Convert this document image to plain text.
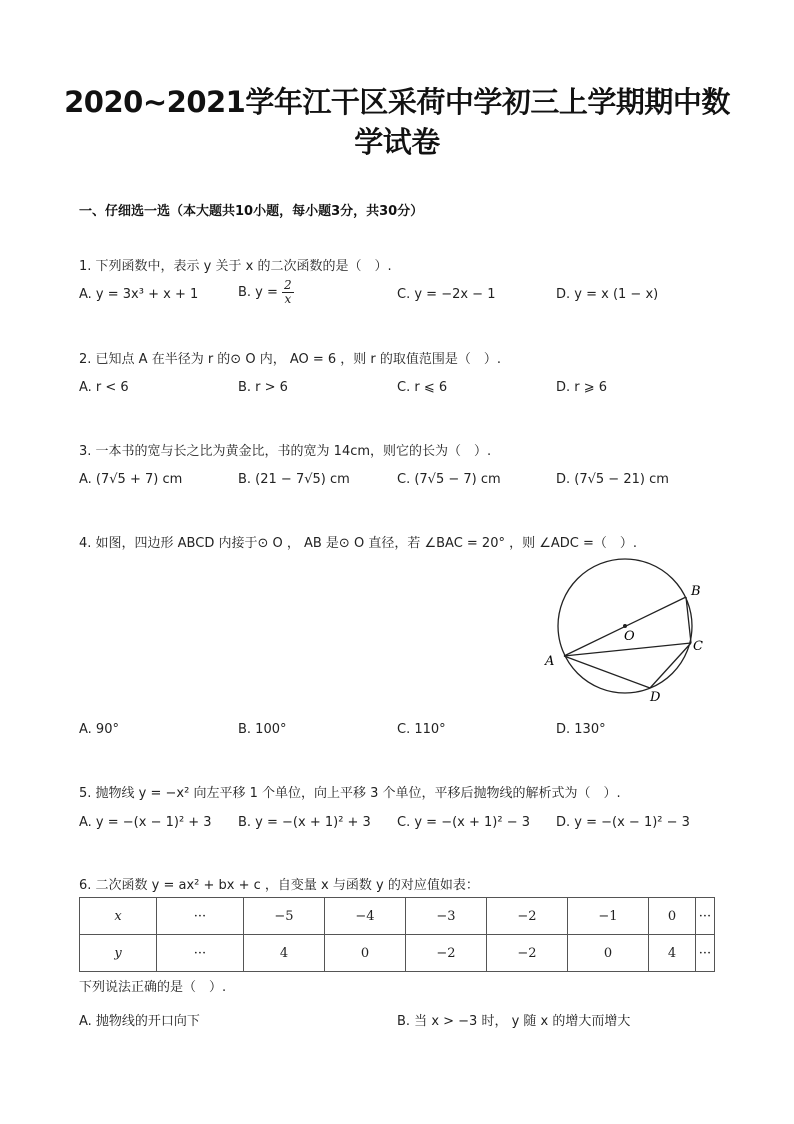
2020~2021学年江干区采荷中学初三上学期期中数
学试卷
一、仔细选一选（本大题共10小题，每小题3分，共30分）
1. 下列函数中，表示 y 关于 x 的二次函数的是（　）.
A. y = 3x³ + x + 1	B. $y = \frac{2}{x}$	C. y = −2x − 1	D. y = x (1 − x)
2. 已知点 A 在半径为 r 的⊙ O 内， AO = 6 ，则 r 的取值范围是（　）.
A. r < 6	B. r > 6	C. r ⩽ 6	D. r ⩾ 6
3. 一本书的宽与长之比为黄金比，书的宽为 14cm，则它的长为（　）.
A. (7√5 + 7) cm	B. (21 − 7√5) cm	C. (7√5 − 7) cm	D. (7√5 − 21) cm
4. 如图，四边形 ABCD 内接于⊙ O ， AB 是⊙ O 直径，若 ∠BAC = 20° ，则 ∠ADC =（　）.
A
B
C
D
O
A. 90°	B. 100°	C. 110°	D. 130°
5. 抛物线 y = −x² 向左平移 1 个单位，向上平移 3 个单位，平移后抛物线的解析式为（　）.
A. y = −(x − 1)² + 3 B. y = −(x + 1)² + 3 C. y = −(x + 1)² − 3 D. y = −(x − 1)² − 3
6. 二次函数 y = ax² + bx + c ，自变量 x 与函数 y 的对应值如表：
x	···	−5	−4	−3	−2	−1	0	···
y	···	4	0	−2	−2	0	4	···
下列说法正确的是（　）.
A. 抛物线的开口向下	B. 当 x > −3 时， y 随 x 的增大而增大
